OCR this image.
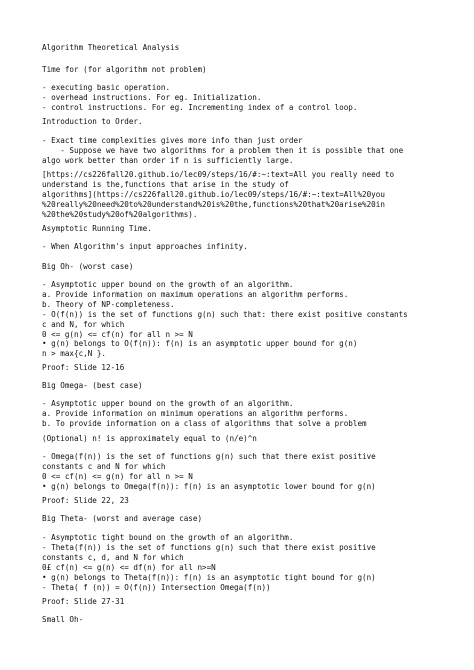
Algorithm Theoretical Analysis
Time for (for algorithm not problem)
- executing basic operation.
- overhead instructions. For eg. Initialization.
- control instructions. For eg. Incrementing index of a control loop.
Introduction to Order.
- Exact time complexities gives more info than just order
- Suppose we have two algorithms for a problem then it is possible that one
algo work better than order if n is sufficiently large.
[https://cs226fall20.github.io/lec09/steps/16/#:~:text=All you really need to
understand is the,functions that arise in the study of
algorithms](https://cs226fall20.github.io/lec09/steps/16/#:~:text=All%20you
%20really%20need%20to%20understand%20is%20the,functions%20that%20arise%20in
%20the%20study%20of%20algorithms).
Asymptotic Running Time.
- When Algorithm's input approaches infinity.
Big Oh- (worst case)
- Asymptotic upper bound on the growth of an algorithm.
a. Provide information on maximum operations an algorithm performs.
b. Theory of NP-completeness.
- O(f(n)) is the set of functions g(n) such that: there exist positive constants
c and N, for which
0 <= g(n) <= cf(n) for all n >= N
• g(n) belongs to O(f(n)): f(n) is an asymptotic upper bound for g(n)
n > max{c,N }.
Proof: Slide 12-16
Big Omega- (best case)
- Asymptotic upper bound on the growth of an algorithm.
a. Provide information on minimum operations an algorithm performs.
b. To provide information on a class of algorithms that solve a problem
(Optional) n! is approximately equal to (n/e)^n
- Omega(f(n)) is the set of functions g(n) such that there exist positive
constants c and N for which
0 <= cf(n) <= g(n) for all n >= N
• g(n) belongs to Omega(f(n)): f(n) is an asymptotic lower bound for g(n)
Proof: Slide 22, 23
Big Theta- (worst and average case)
- Asymptotic tight bound on the growth of an algorithm.
- Theta(f(n)) is the set of functions g(n) such that there exist positive
constants c, d, and N for which
0£ cf(n) <= g(n) <= df(n) for all n>=N
• g(n) belongs to Theta(f(n)): f(n) is an asymptotic tight bound for g(n)
- Theta( f (n)) = O(f(n)) Intersection Omega(f(n))
Proof: Slide 27-31
Small Oh-
